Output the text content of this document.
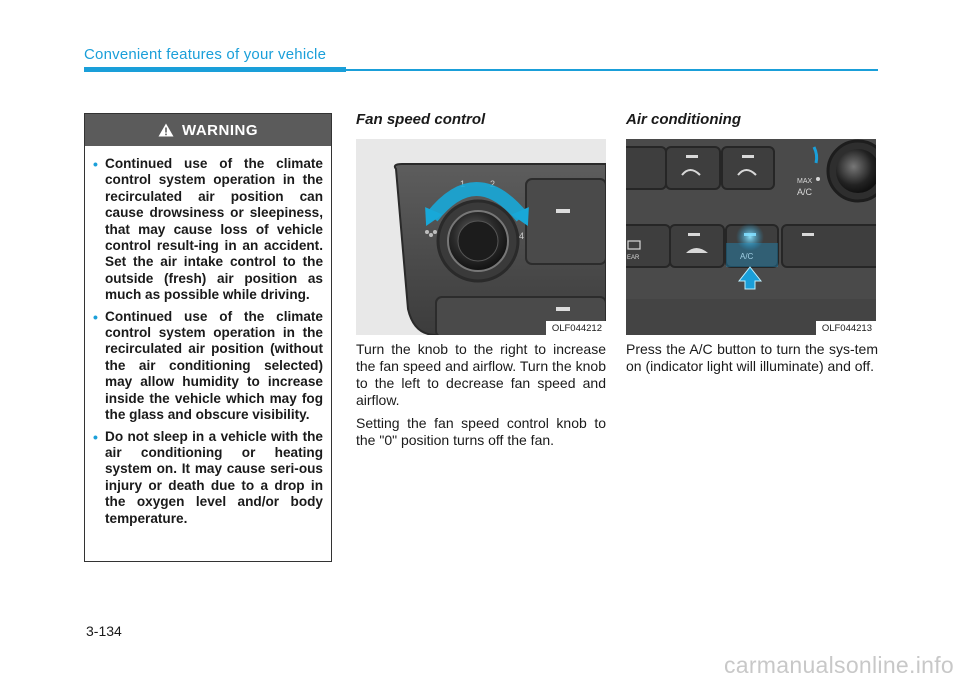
Convenient features of your vehicle
WARNING
• Continued use of the climate control system operation in the recirculated air position can cause drowsiness or sleepiness, that may cause loss of vehicle control result-ing in an accident. Set the air intake control to the outside (fresh) air position as much as possible while driving.
• Continued use of the climate control system operation in the recirculated air position (without the air conditioning selected) may allow humidity to increase inside the vehicle which may fog the glass and obscure visibility.
• Do not sleep in a vehicle with the air conditioning or heating system on. It may cause seri-ous injury or death due to a drop in the oxygen level and/or body temperature.
Fan speed control
1	2
4
OLF044212

Turn the knob to the right to increase the fan speed and airflow. Turn the knob to the left to decrease fan speed and airflow.

Setting the fan speed control knob to the "0" position turns off the fan.

Air conditioning
MAX
A/C
EAR	A/C
OLF044213

Press the A/C button to turn the sys-tem on (indicator light will illuminate) and off.

3-134
carmanualsonline.info
